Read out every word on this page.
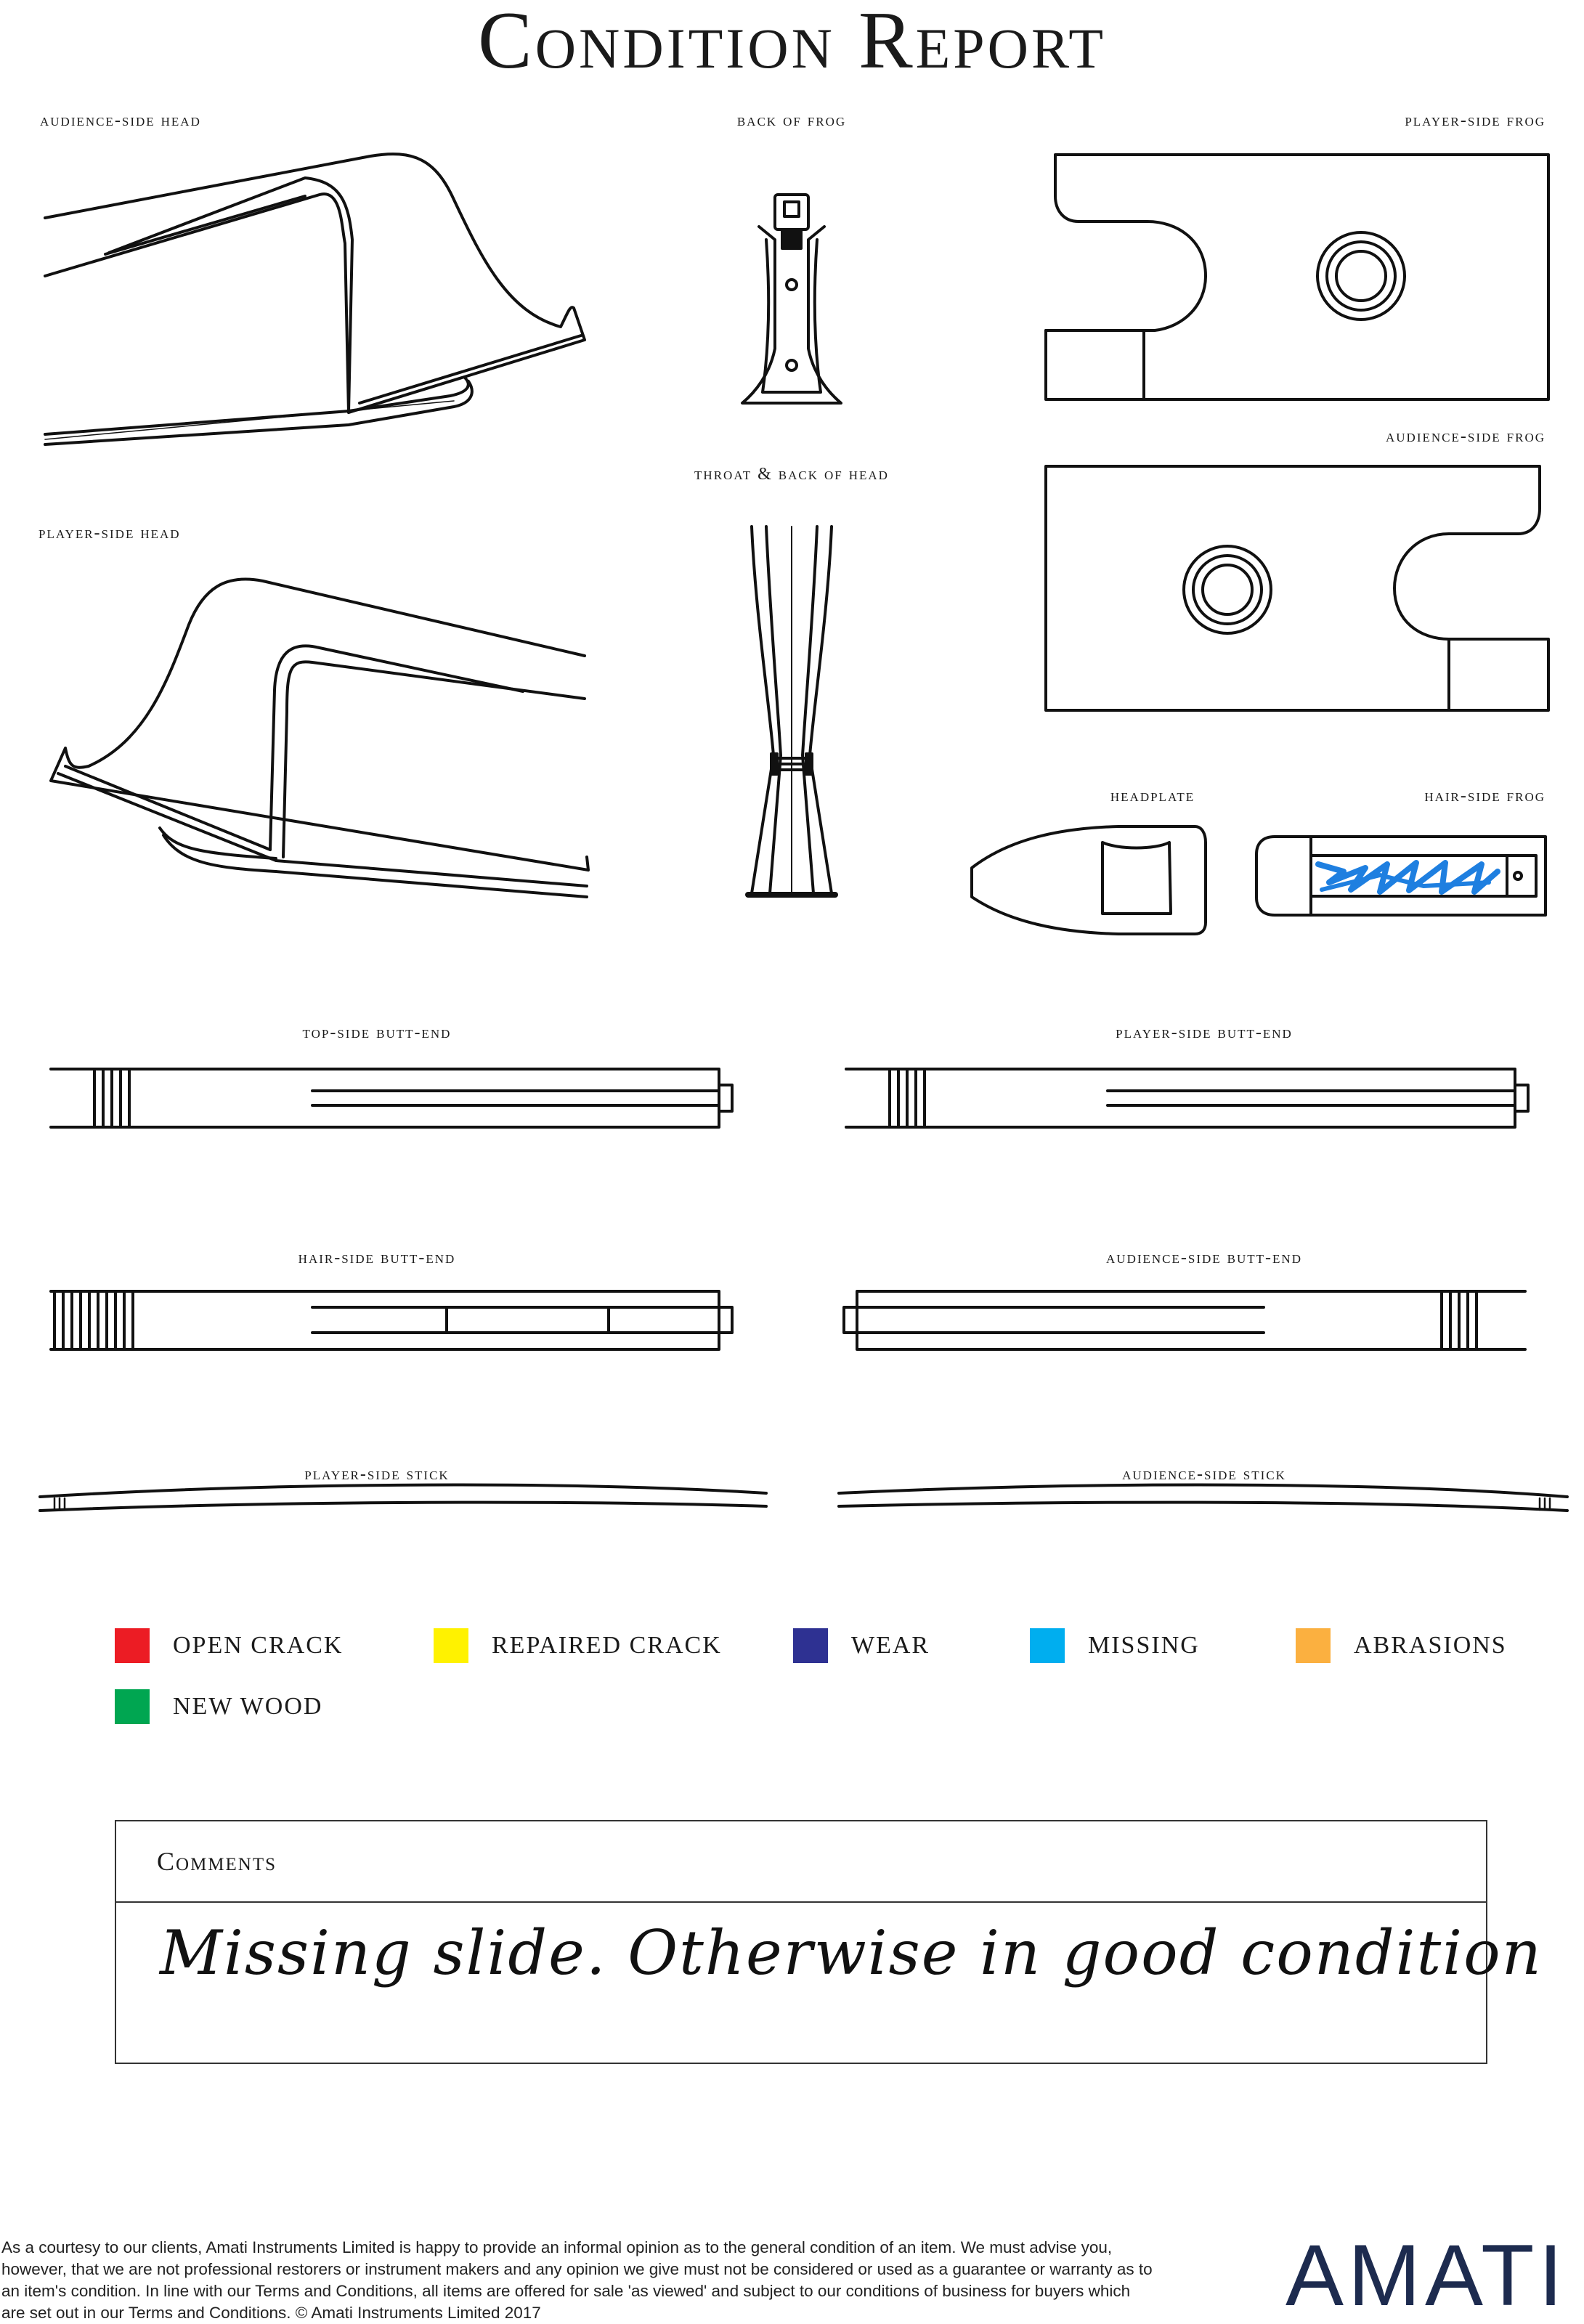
Condition Report
audience-side head	back of frog	player-side frog
audience-side frog
throat & back of head
player-side head
headplate	hair-side frog
top-side butt-end	player-side butt-end
hair-side butt-end	audience-side butt-end
player-side stick	audience-side stick
OPEN CRACK	REPAIRED CRACK	WEAR	MISSING	ABRASIONS
NEW WOOD
Comments
Missing slide. Otherwise in good condition
As a courtesy to our clients, Amati Instruments Limited is happy to provide an informal opinion as to the general condition of an item. We must advise you, however, that we are not professional restorers or instrument makers and any opinion we give must not be considered or used as a guarantee or warranty as to an item's condition. In line with our Terms and Conditions, all items are offered for sale 'as viewed' and subject to our conditions of business for buyers which are set out in our Terms and Conditions. © Amati Instruments Limited 2017	AMATI
